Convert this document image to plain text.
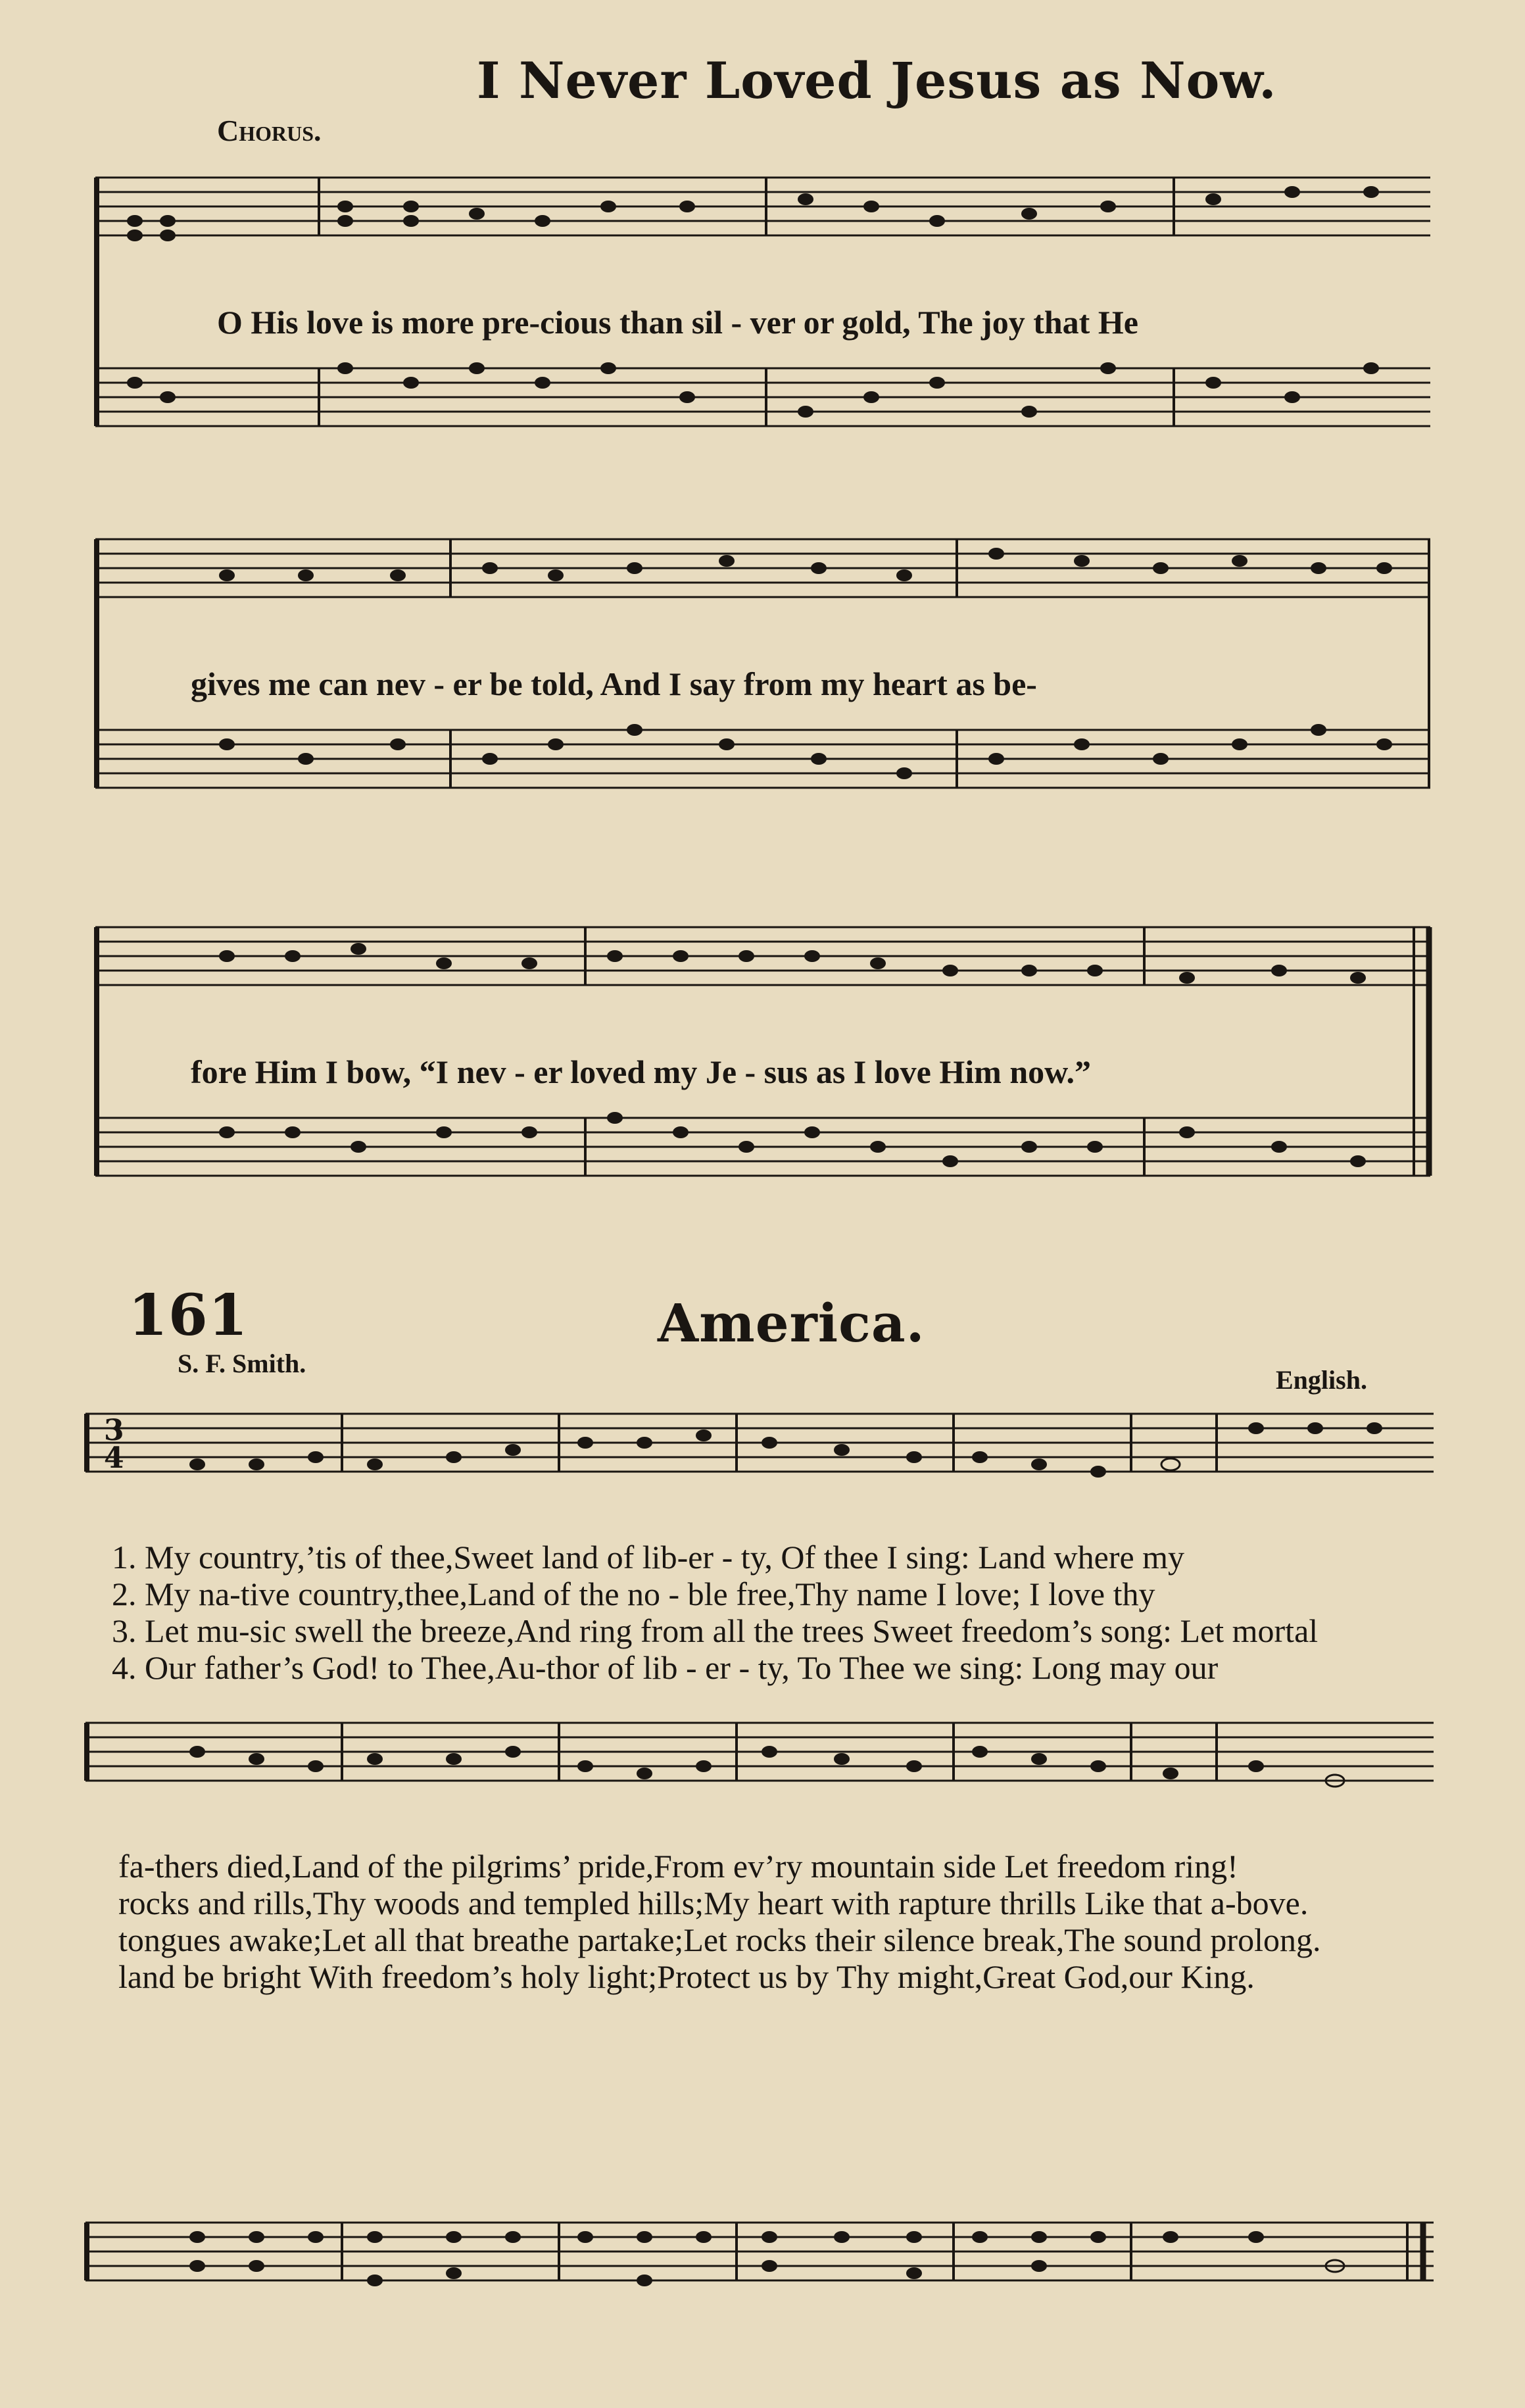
I Never Loved Jesus as Now.
Chorus.
O His love is more pre-cious than sil - ver or gold, The joy that He
gives me can nev - er be told, And I say from my heart as be-
fore Him I bow, “I nev - er loved my Je - sus as I love Him now.”
161	America.
S. F. Smith.
English.
3
4
1. My country,’tis of thee,Sweet land of lib-er - ty, Of thee I sing: Land where my
2. My na-tive country,thee,Land of the no - ble free,Thy name I love; I love thy
3. Let mu-sic swell the breeze,And ring from all the trees Sweet freedom’s song: Let mortal
4. Our father’s God! to Thee,Au-thor of lib - er - ty, To Thee we sing: Long may our
fa-thers died,Land of the pilgrims’ pride,From ev’ry mountain side Let freedom ring!
rocks and rills,Thy woods and templed hills;My heart with rapture thrills Like that a-bove.
tongues awake;Let all that breathe partake;Let rocks their silence break,The sound prolong.
land be bright With freedom’s holy light;Protect us by Thy might,Great God,our King.
